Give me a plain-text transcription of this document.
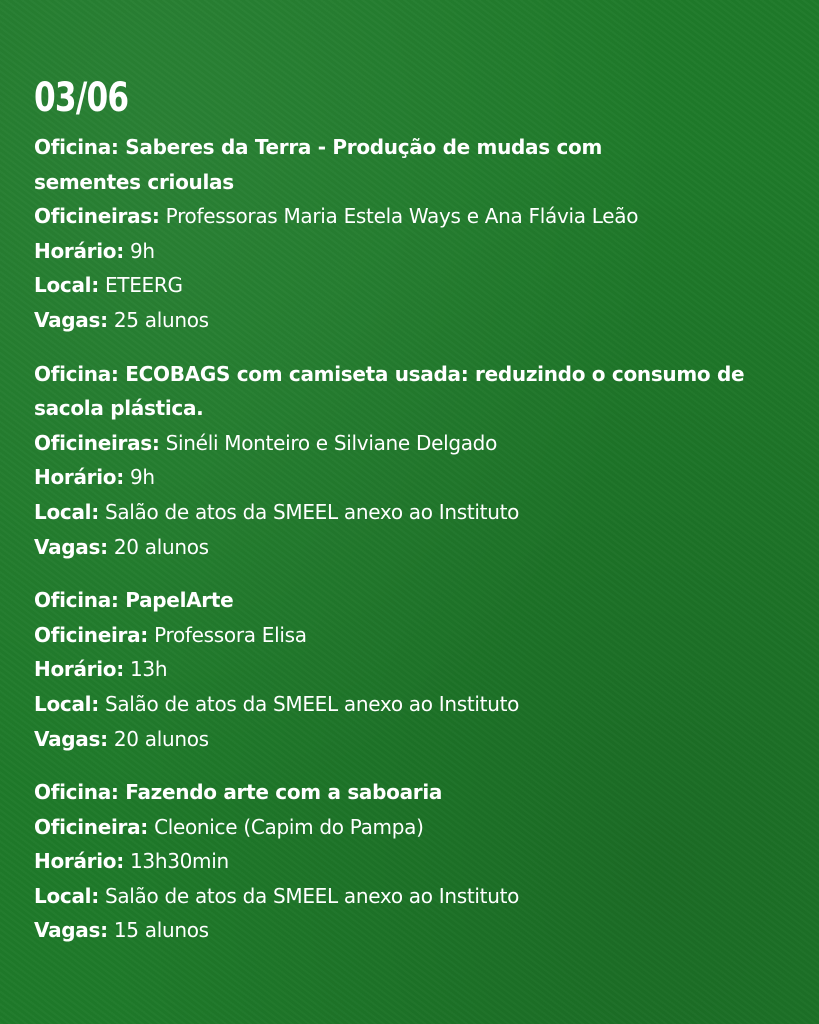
03/06
Oficina: Saberes da Terra - Produção de mudas com sementes crioulas
Oficineiras: Professoras Maria Estela Ways e Ana Flávia Leão
Horário: 9h
Local: ETEERG
Vagas: 25 alunos
Oficina: ECOBAGS com camiseta usada: reduzindo o consumo de sacola plástica.
Oficineiras: Sinéli Monteiro e Silviane Delgado
Horário: 9h
Local: Salão de atos da SMEEL anexo ao Instituto
Vagas: 20 alunos
Oficina: PapelArte
Oficineira: Professora Elisa
Horário: 13h
Local: Salão de atos da SMEEL anexo ao Instituto
Vagas: 20 alunos
Oficina: Fazendo arte com a saboaria
Oficineira: Cleonice (Capim do Pampa)
Horário: 13h30min
Local: Salão de atos da SMEEL anexo ao Instituto
Vagas: 15 alunos
